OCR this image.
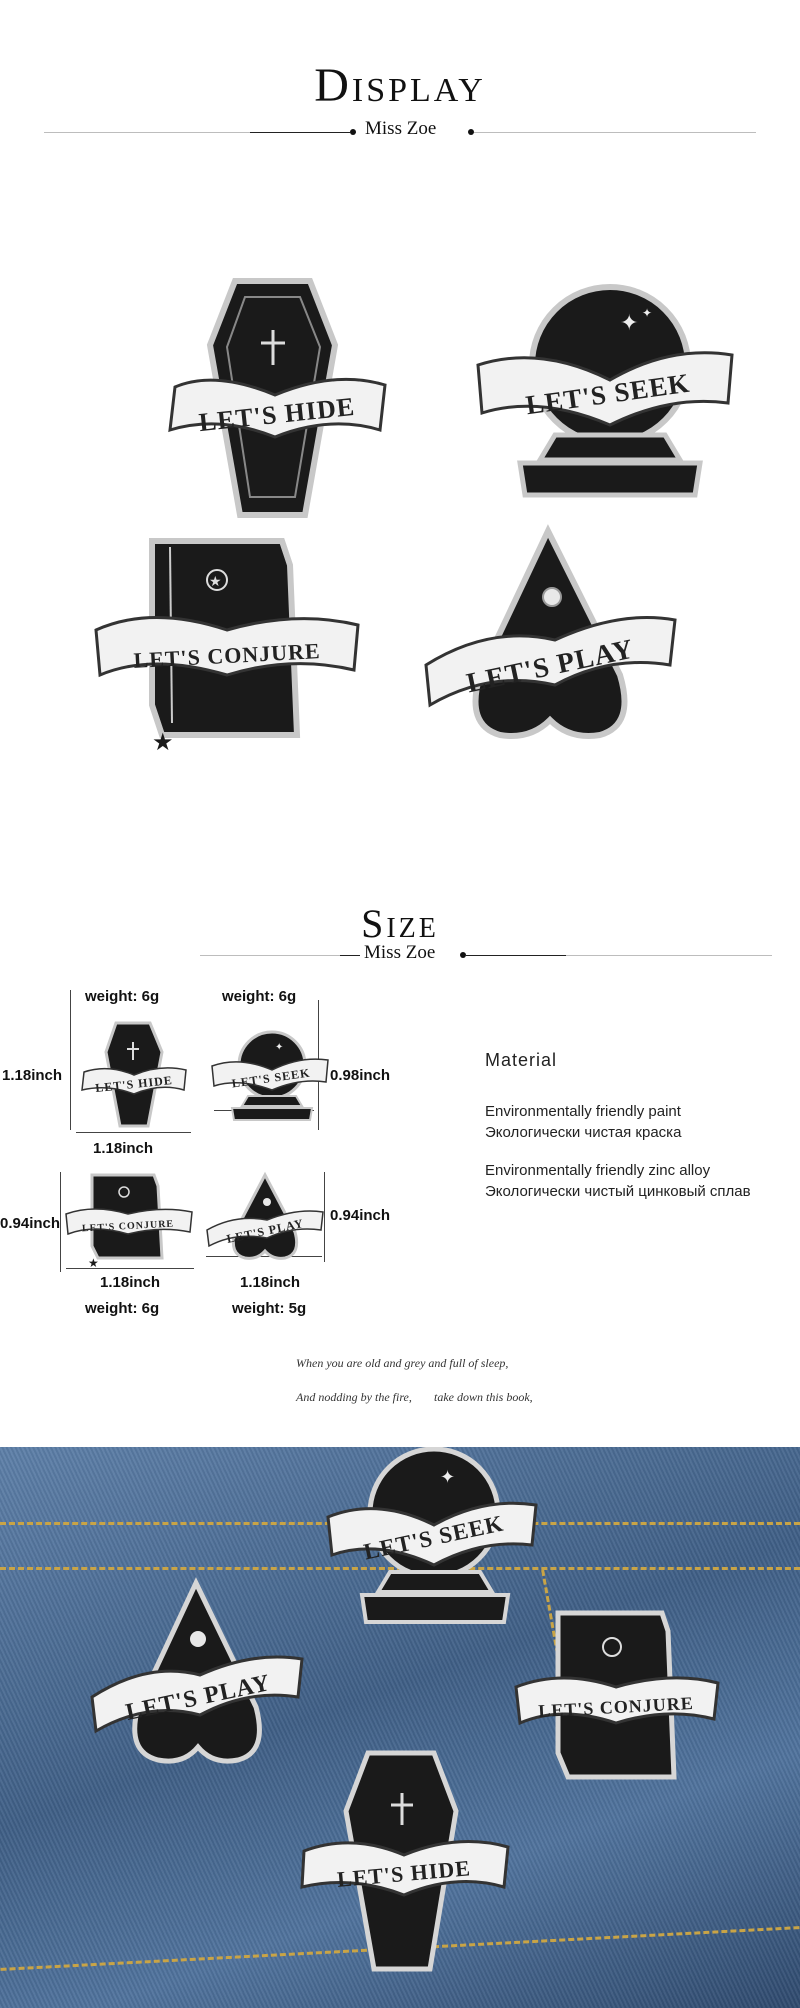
Display
Miss Zoe
LET'S HIDE
✦ ✦
LET'S SEEK
★
LET'S CONJURE
★
LET'S PLAY
Size
Miss Zoe
weight: 6g
1.18inch
1.18inch
LET'S HIDE
weight: 6g
0.98inch
✦
LET'S SEEK
0.94inch
1.18inch
weight: 6g
LET'S CONJURE
★
0.94inch
1.18inch
weight: 5g
LET'S PLAY
Material
Environmentally friendly paint
Экологически чистая краска
Environmentally friendly zinc alloy
Экологически чистый цинковый сплав
When you are old and grey and full of sleep,
And nodding by the fire, take down this book,
LET'S PLAY
✦
LET'S SEEK
LET'S CONJURE
LET'S HIDE
